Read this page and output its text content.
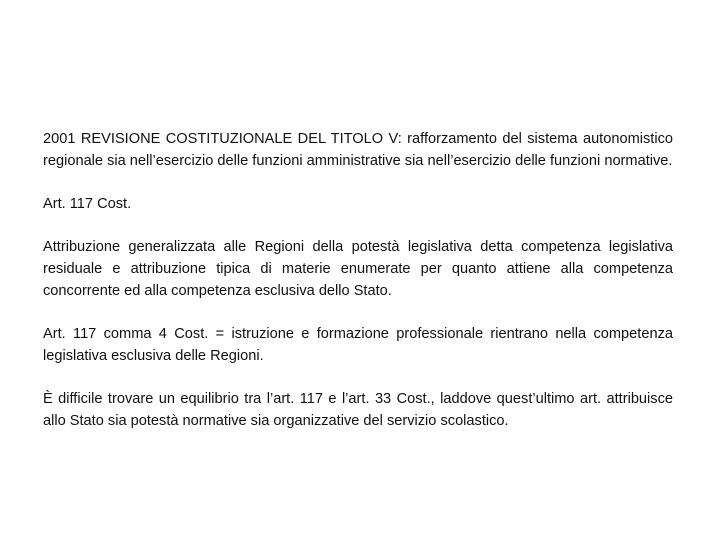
2001 REVISIONE COSTITUZIONALE DEL TITOLO V: rafforzamento del sistema autonomistico regionale sia nell’esercizio delle funzioni amministrative sia nell’esercizio delle funzioni normative.

Art. 117 Cost.

Attribuzione generalizzata alle Regioni della potestà legislativa detta competenza legislativa residuale e attribuzione tipica di materie enumerate per quanto attiene alla competenza concorrente ed alla competenza esclusiva dello Stato.

Art. 117 comma 4 Cost. = istruzione e formazione professionale rientrano nella competenza legislativa esclusiva delle Regioni.

È difficile trovare un equilibrio tra l’art. 117 e l’art. 33 Cost., laddove quest’ultimo art. attribuisce allo Stato sia potestà normative sia organizzative del servizio scolastico.
